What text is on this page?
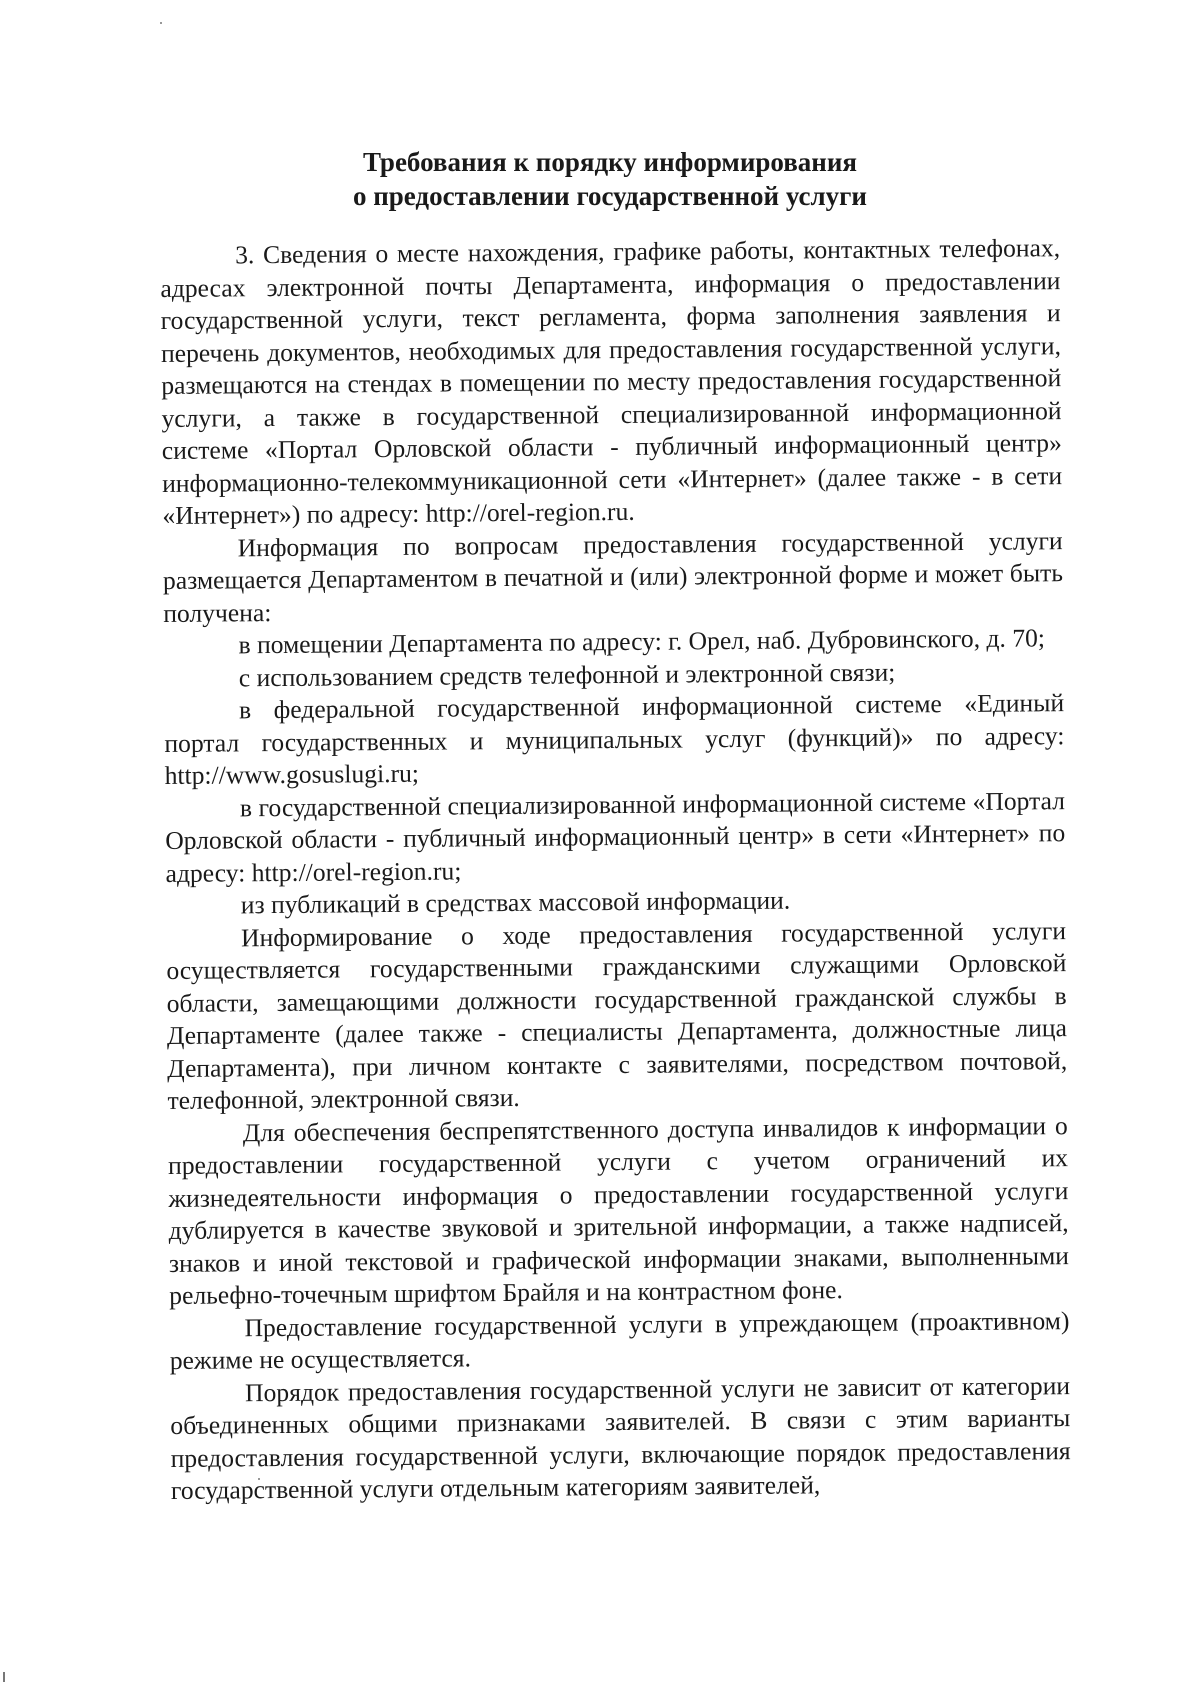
Требования к порядку информирования
о предоставлении государственной услуги

3. Сведения о месте нахождения, графике работы, контактных телефонах, адресах электронной почты Департамента, информация о предоставлении государственной услуги, текст регламента, форма заполнения заявления и перечень документов, необходимых для предоставления государственной услуги, размещаются на стендах в помещении по месту предоставления государственной услуги, а также в государственной специализированной информационной системе «Портал Орловской области - публичный информационный центр» информационно-телекоммуникационной сети «Интернет» (далее также - в сети «Интернет») по адресу: http://orel-region.ru.

Информация по вопросам предоставления государственной услуги размещается Департаментом в печатной и (или) электронной форме и может быть получена:

в помещении Департамента по адресу: г. Орел, наб. Дубровинского, д. 70;

с использованием средств телефонной и электронной связи;

в федеральной государственной информационной системе «Единый портал государственных и муниципальных услуг (функций)» по адресу: http://www.gosuslugi.ru;

в государственной специализированной информационной системе «Портал Орловской области - публичный информационный центр» в сети «Интернет» по адресу: http://orel-region.ru;

из публикаций в средствах массовой информации.

Информирование о ходе предоставления государственной услуги осуществляется государственными гражданскими служащими Орловской области, замещающими должности государственной гражданской службы в Департаменте (далее также - специалисты Департамента, должностные лица Департамента), при личном контакте с заявителями, посредством почтовой, телефонной, электронной связи.

Для обеспечения беспрепятственного доступа инвалидов к информации о предоставлении государственной услуги с учетом ограничений их жизнедеятельности информация о предоставлении государственной услуги дублируется в качестве звуковой и зрительной информации, а также надписей, знаков и иной текстовой и графической информации знаками, выполненными рельефно-точечным шрифтом Брайля и на контрастном фоне.

Предоставление государственной услуги в упреждающем (проактивном) режиме не осуществляется.

Порядок предоставления государственной услуги не зависит от категории объединенных общими признаками заявителей. В связи с этим варианты предоставления государственной услуги, включающие порядок предоставления государственной услуги отдельным категориям заявителей,
